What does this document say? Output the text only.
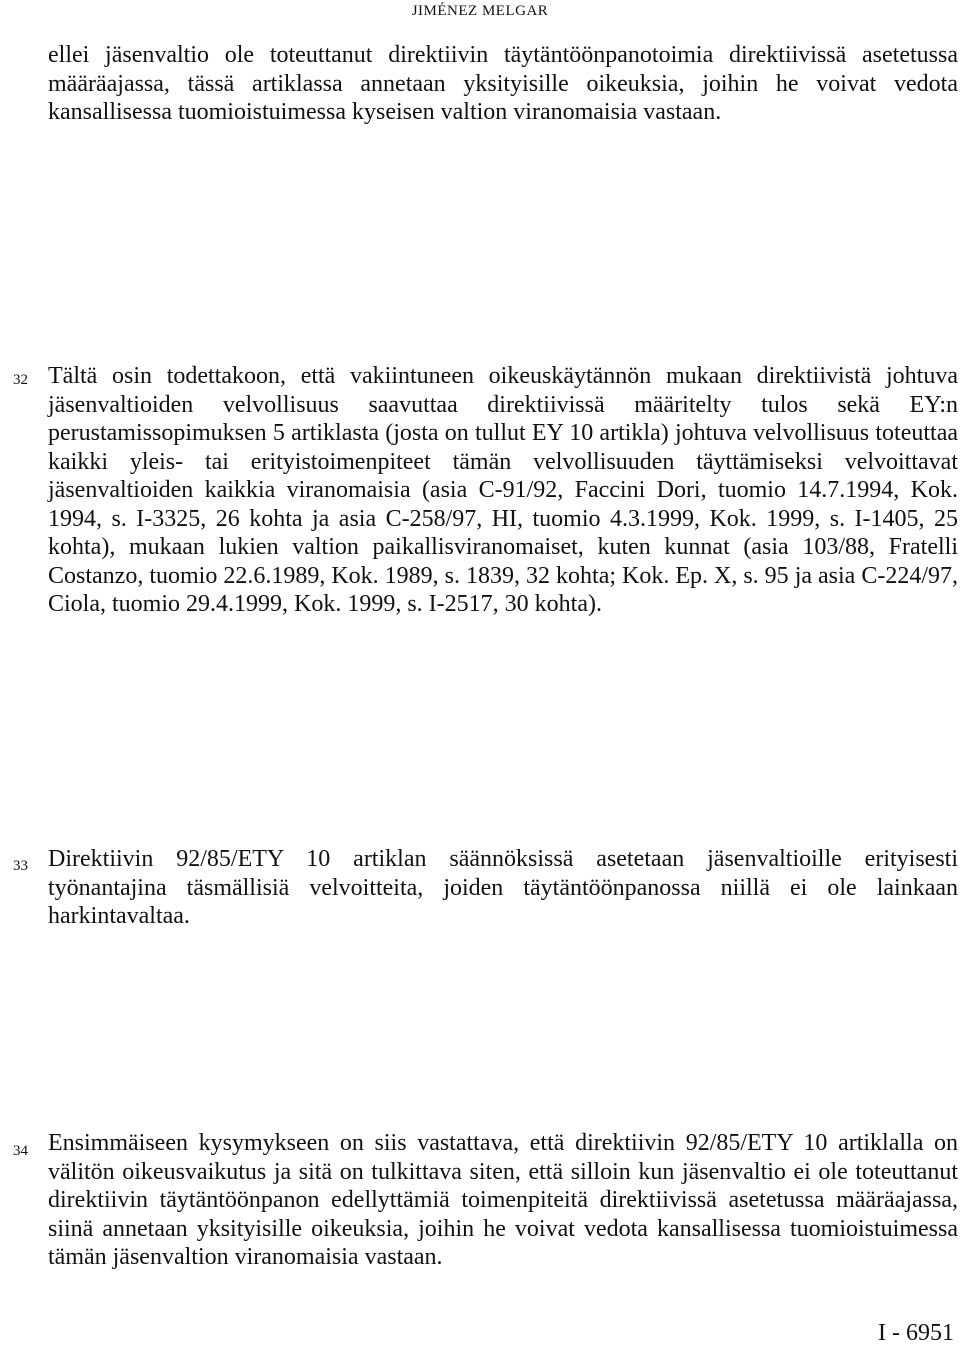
JIMÉNEZ MELGAR

ellei jäsenvaltio ole toteuttanut direktiivin täytäntöönpanotoimia direktiivissä asetetussa määräajassa, tässä artiklassa annetaan yksityisille oikeuksia, joihin he voivat vedota kansallisessa tuomioistuimessa kyseisen valtion viranomaisia vastaan.

32 Tältä osin todettakoon, että vakiintuneen oikeuskäytännön mukaan direktiivistä johtuva jäsenvaltioiden velvollisuus saavuttaa direktiivissä määritelty tulos sekä EY:n perustamissopimuksen 5 artiklasta (josta on tullut EY 10 artikla) johtuva velvollisuus toteuttaa kaikki yleis- tai erityistoimenpiteet tämän velvollisuuden täyttämiseksi velvoittavat jäsenvaltioiden kaikkia viranomaisia (asia C-91/92, Faccini Dori, tuomio 14.7.1994, Kok. 1994, s. I-3325, 26 kohta ja asia C-258/97, HI, tuomio 4.3.1999, Kok. 1999, s. I-1405, 25 kohta), mukaan lukien valtion paikallisviranomaiset, kuten kunnat (asia 103/88, Fratelli Costanzo, tuomio 22.6.1989, Kok. 1989, s. 1839, 32 kohta; Kok. Ep. X, s. 95 ja asia C-224/97, Ciola, tuomio 29.4.1999, Kok. 1999, s. I-2517, 30 kohta).

33 Direktiivin 92/85/ETY 10 artiklan säännöksissä asetetaan jäsenvaltioille erityisesti työnantajina täsmällisiä velvoitteita, joiden täytäntöönpanossa niillä ei ole lainkaan harkintavaltaa.

34 Ensimmäiseen kysymykseen on siis vastattava, että direktiivin 92/85/ETY 10 artiklalla on välitön oikeusvaikutus ja sitä on tulkittava siten, että silloin kun jäsenvaltio ei ole toteuttanut direktiivin täytäntöönpanon edellyttämiä toimenpiteitä direktiivissä asetetussa määräajassa, siinä annetaan yksityisille oikeuksia, joihin he voivat vedota kansallisessa tuomioistuimessa tämän jäsenvaltion viranomaisia vastaan.

I - 6951
